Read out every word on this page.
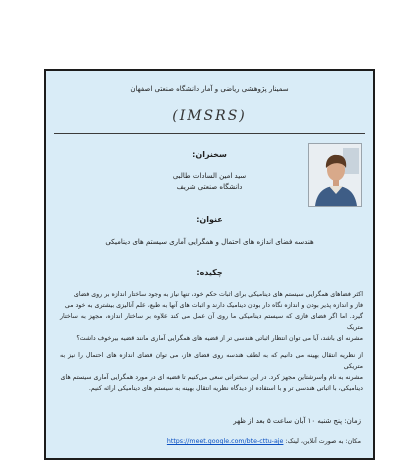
سمینار پژوهشی ریاضی و آمار دانشگاه صنعتی اصفهان
(IMSRS)
سخنران:
سید امین السادات طالبی
دانشگاه صنعتی شریف
عنوان:
هندسه فضای اندازه های احتمال و همگرایی آماری سیستم های دینامیکی
چکیده:
اکثر فضاهای همگرایی سیستم های دینامیکی برای اثبات حکم خود، تنها نیاز به وجود ساختار اندازه بر روی فضای
فاز و اندازه پذیر بودن و اندازه نگاه دار بودن دینامیک دارند و اثبات های آنها به طبع، علم آنالیزی بیشتری به خود می
گیرد. اما اگر فضای فازی که سیستم دینامیکی ما روی آن عمل می کند علاوه بر ساختار اندازه، مجهز به ساختار متریک
مشرنه ای باشد، آیا می توان انتظار اثباتی هندسی تر از قضیه های همگرایی آماری مانند قضیه بیرخوف داشت؟
از نظریه انتقال بهینه می دانیم که به لطف هندسه روی فضای فاز، می توان فضای اندازه های احتمال را نیز به متریکی
مشرنه به نام واسرشتاین مجهز کرد. در این سخنرانی سعی می‌کنیم تا قضیه ای در مورد همگرایی آماری سیستم های
دینامیکی، با اثباتی هندسی تر و با استفاده از دیدگاه نظریه انتقال بهینه به سیستم های دینامیکی ارائه کنیم.
زمان: پنج شنبه ۱۰ آبان ساعت ۵ بعد از ظهر
مکان: به صورت آنلاین، لینک: https://meet.google.com/bte-cttu-aje
